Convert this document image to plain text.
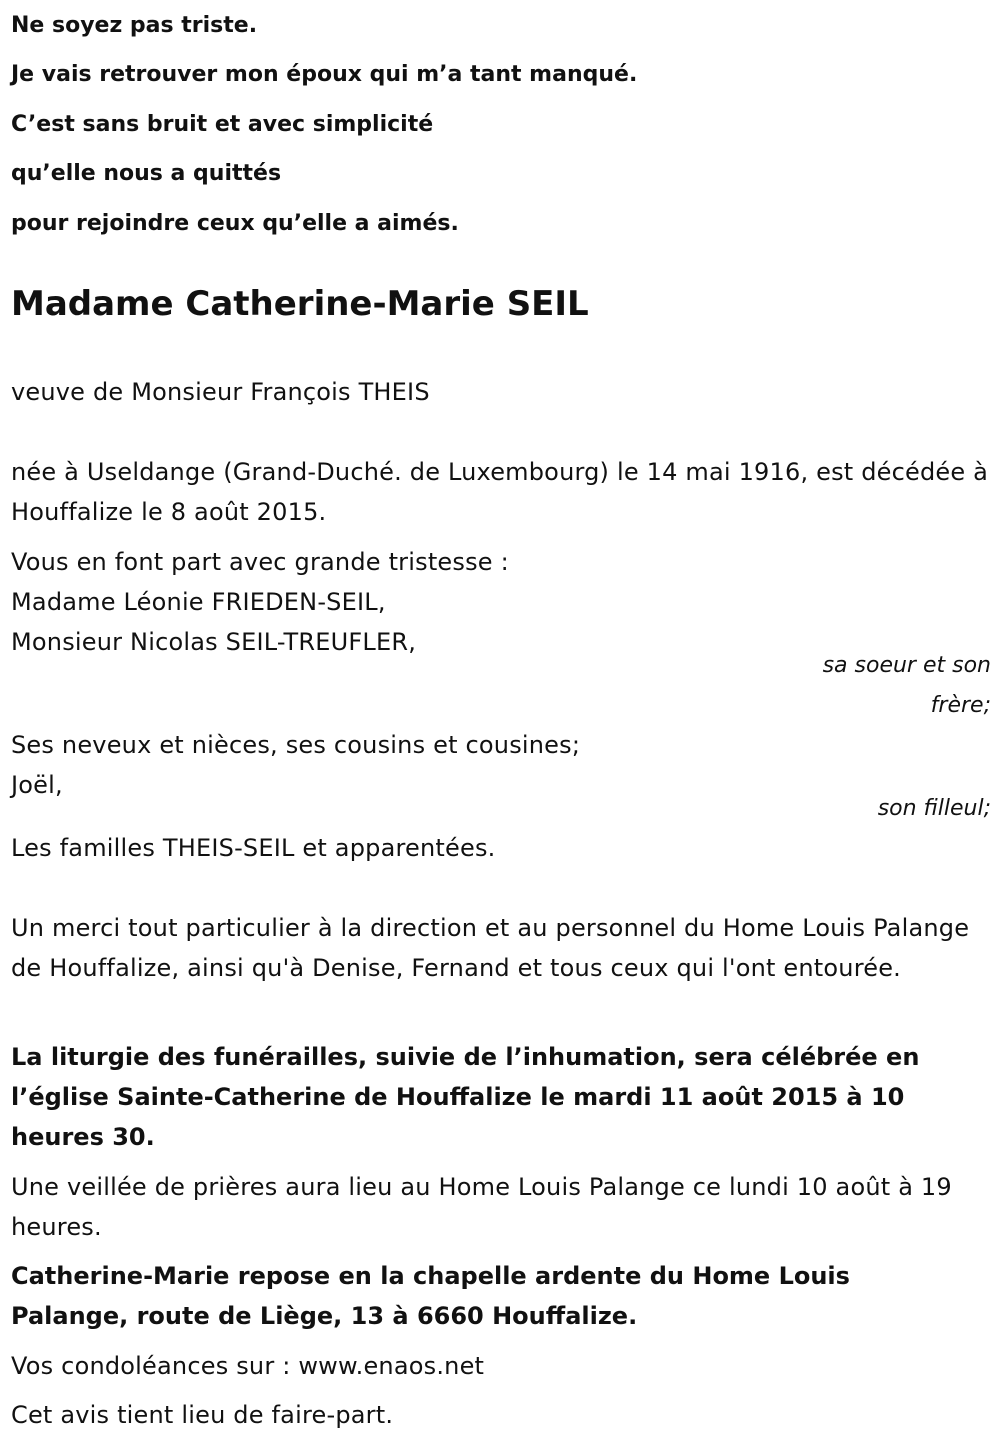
Ne soyez pas triste.
Je vais retrouver mon époux qui m’a tant manqué.
C’est sans bruit et avec simplicité
qu’elle nous a quittés
pour rejoindre ceux qu’elle a aimés.
Madame Catherine-Marie SEIL
veuve de Monsieur François THEIS
née à Useldange (Grand-Duché. de Luxembourg) le 14 mai 1916, est décédée à Houffalize le 8 août 2015.
Vous en font part avec grande tristesse :
Madame Léonie FRIEDEN-SEIL,
Monsieur Nicolas SEIL-TREUFLER,
sa soeur et son
frère;
Ses neveux et nièces, ses cousins et cousines;
Joël,
son filleul;
Les familles THEIS-SEIL et apparentées.
Un merci tout particulier à la direction et au personnel du Home Louis Palange de Houffalize, ainsi qu'à Denise, Fernand et tous ceux qui l'ont entourée.
La liturgie des funérailles, suivie de l’inhumation, sera célébrée en l’église Sainte-Catherine de Houffalize le mardi 11 août 2015 à 10 heures 30.
Une veillée de prières aura lieu au Home Louis Palange ce lundi 10 août à 19 heures.
Catherine-Marie repose en la chapelle ardente du Home Louis Palange, route de Liège, 13 à 6660 Houffalize.
Vos condoléances sur : www.enaos.net
Cet avis tient lieu de faire-part.
